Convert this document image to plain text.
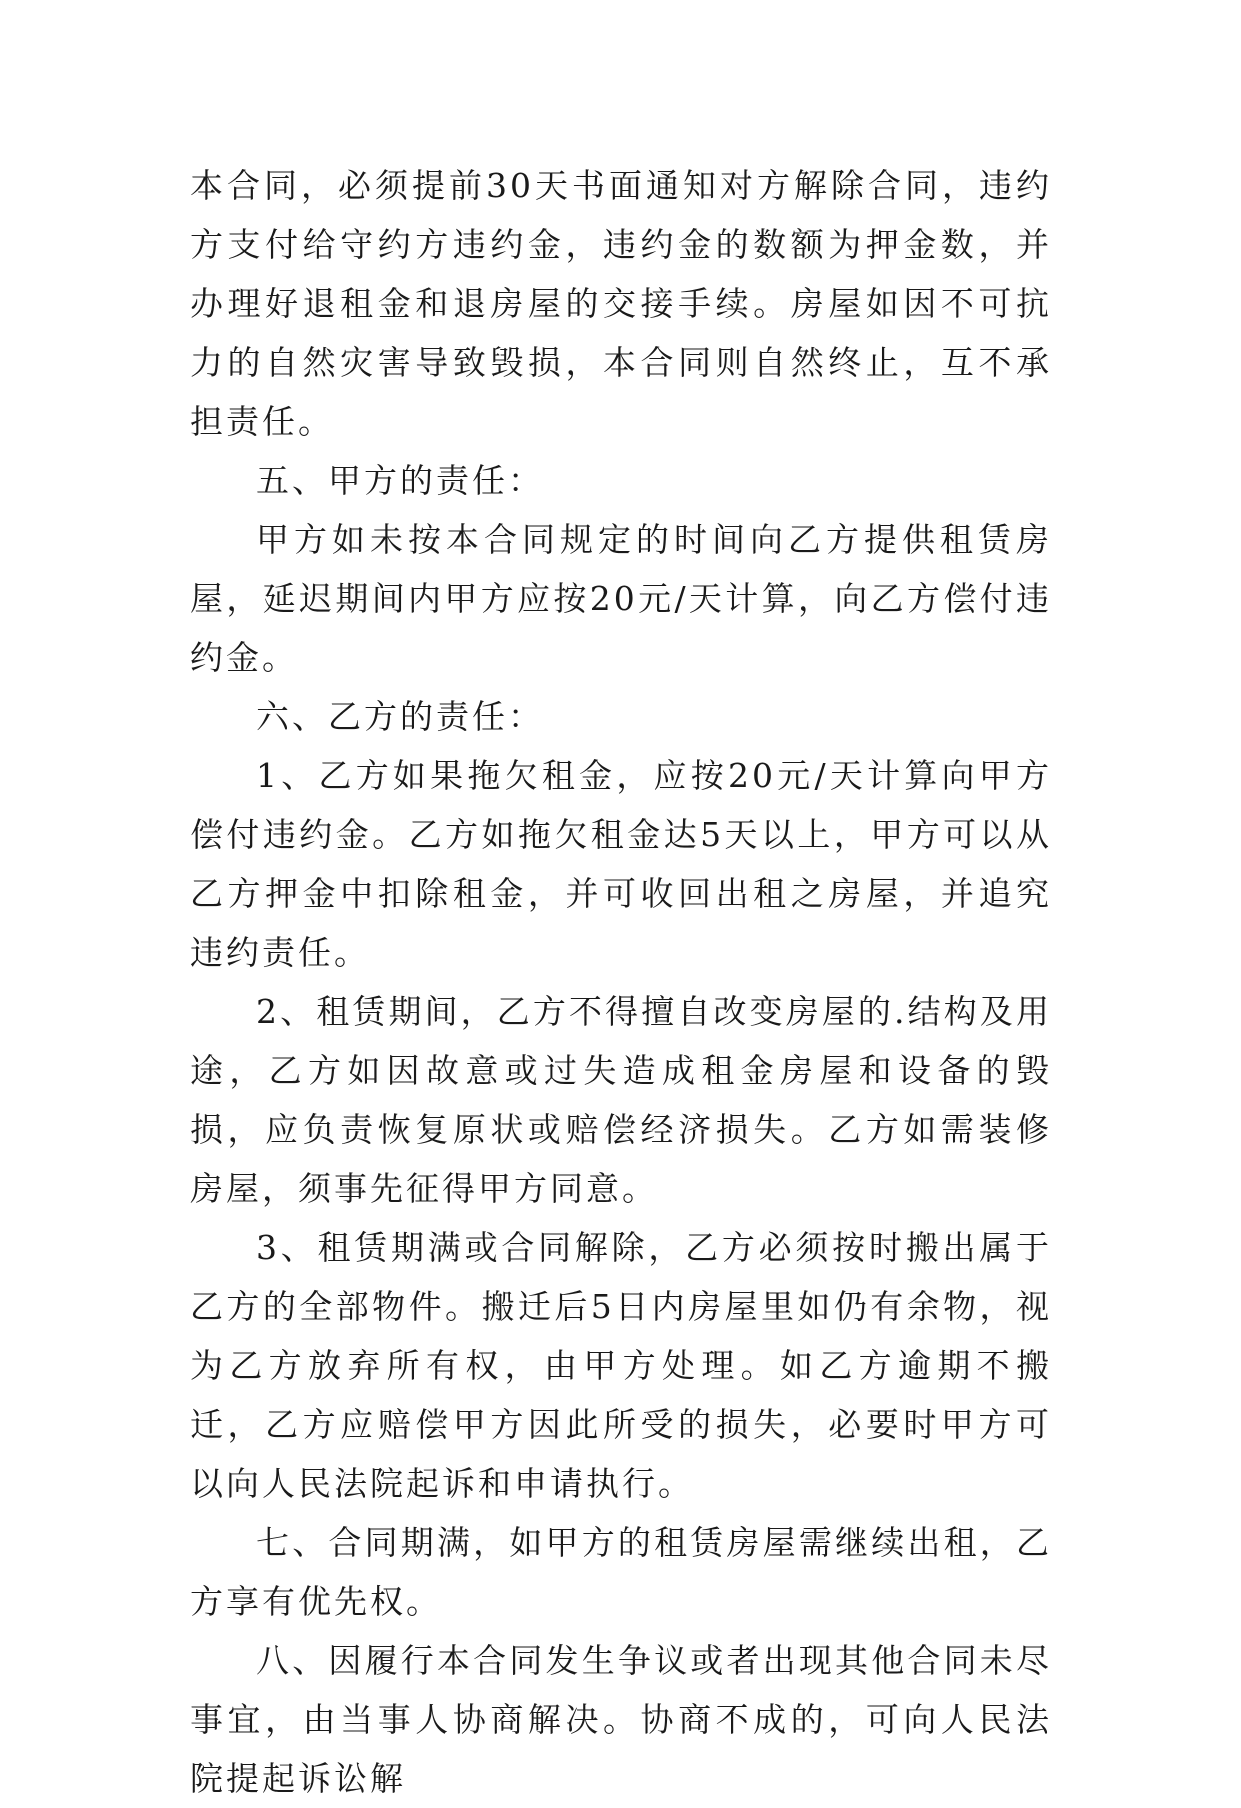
本合同，必须提前30天书面通知对方解除合同，违约方支付给守约方违约金，违约金的数额为押金数，并办理好退租金和退房屋的交接手续。房屋如因不可抗力的自然灾害导致毁损，本合同则自然终止，互不承担责任。

五、甲方的责任：

甲方如未按本合同规定的时间向乙方提供租赁房屋，延迟期间内甲方应按20元/天计算，向乙方偿付违约金。

六、乙方的责任：

1、乙方如果拖欠租金，应按20元/天计算向甲方偿付违约金。乙方如拖欠租金达5天以上，甲方可以从乙方押金中扣除租金，并可收回出租之房屋，并追究违约责任。

2、租赁期间，乙方不得擅自改变房屋的.结构及用途，乙方如因故意或过失造成租金房屋和设备的毁损，应负责恢复原状或赔偿经济损失。乙方如需装修房屋，须事先征得甲方同意。

3、租赁期满或合同解除，乙方必须按时搬出属于乙方的全部物件。搬迁后5日内房屋里如仍有余物，视为乙方放弃所有权，由甲方处理。如乙方逾期不搬迁，乙方应赔偿甲方因此所受的损失，必要时甲方可以向人民法院起诉和申请执行。

七、合同期满，如甲方的租赁房屋需继续出租，乙方享有优先权。

八、因履行本合同发生争议或者出现其他合同未尽事宜，由当事人协商解决。协商不成的，可向人民法院提起诉讼解
